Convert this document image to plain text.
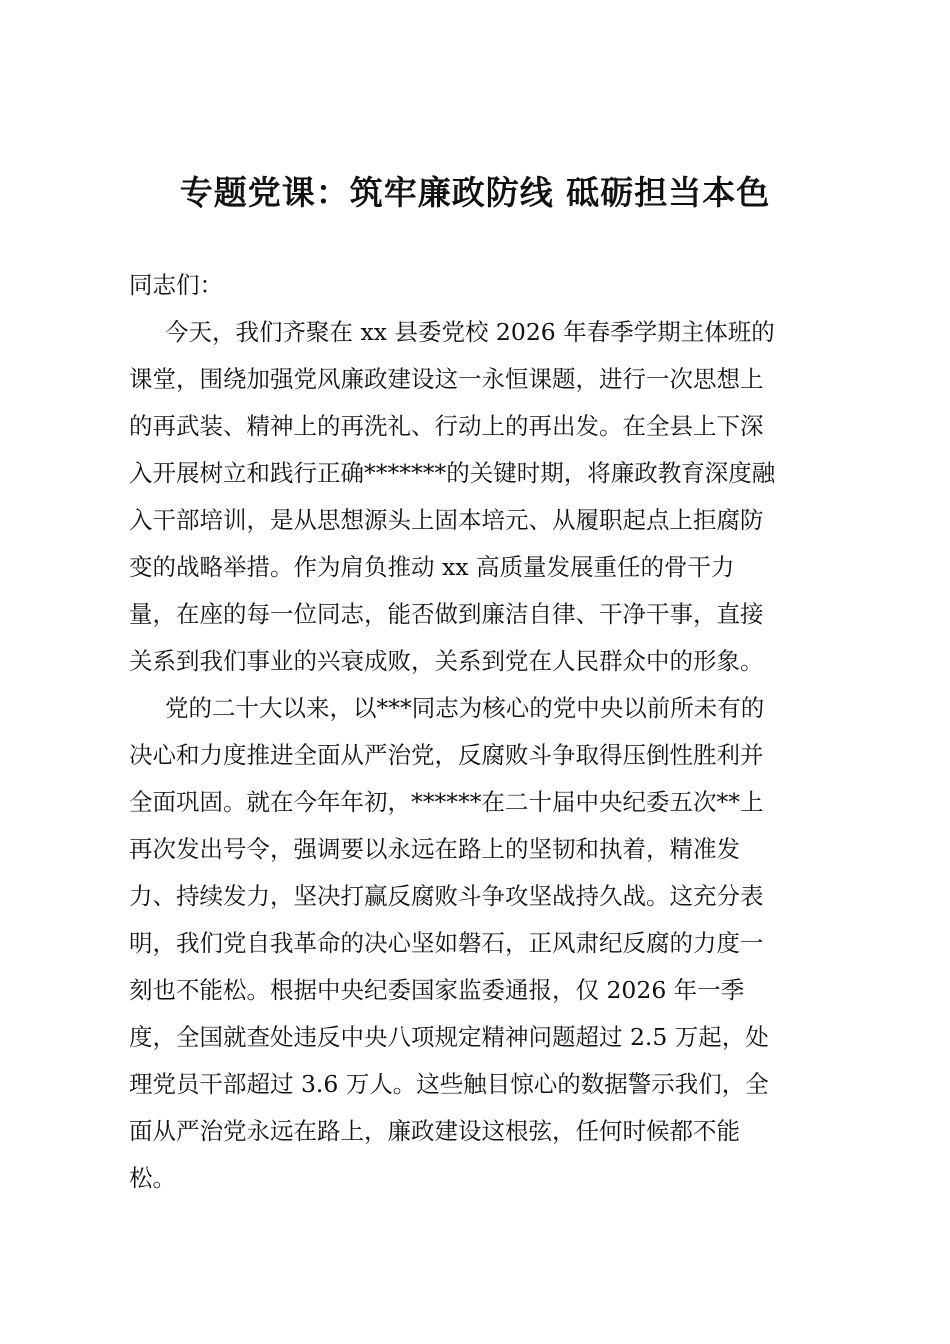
专题党课：筑牢廉政防线 砥砺担当本色
同志们：
今天，我们齐聚在 xx 县委党校 2026 年春季学期主体班的
课堂，围绕加强党风廉政建设这一永恒课题，进行一次思想上
的再武装、精神上的再洗礼、行动上的再出发。在全县上下深
入开展树立和践行正确*******的关键时期，将廉政教育深度融
入干部培训，是从思想源头上固本培元、从履职起点上拒腐防
变的战略举措。作为肩负推动 xx 高质量发展重任的骨干力
量，在座的每一位同志，能否做到廉洁自律、干净干事，直接
关系到我们事业的兴衰成败，关系到党在人民群众中的形象。
党的二十大以来，以***同志为核心的党中央以前所未有的
决心和力度推进全面从严治党，反腐败斗争取得压倒性胜利并
全面巩固。就在今年年初，******在二十届中央纪委五次**上
再次发出号令，强调要以永远在路上的坚韧和执着，精准发
力、持续发力，坚决打赢反腐败斗争攻坚战持久战。这充分表
明，我们党自我革命的决心坚如磐石，正风肃纪反腐的力度一
刻也不能松。根据中央纪委国家监委通报，仅 2026 年一季
度，全国就查处违反中央八项规定精神问题超过 2.5 万起，处
理党员干部超过 3.6 万人。这些触目惊心的数据警示我们，全
面从严治党永远在路上，廉政建设这根弦，任何时候都不能
松。
